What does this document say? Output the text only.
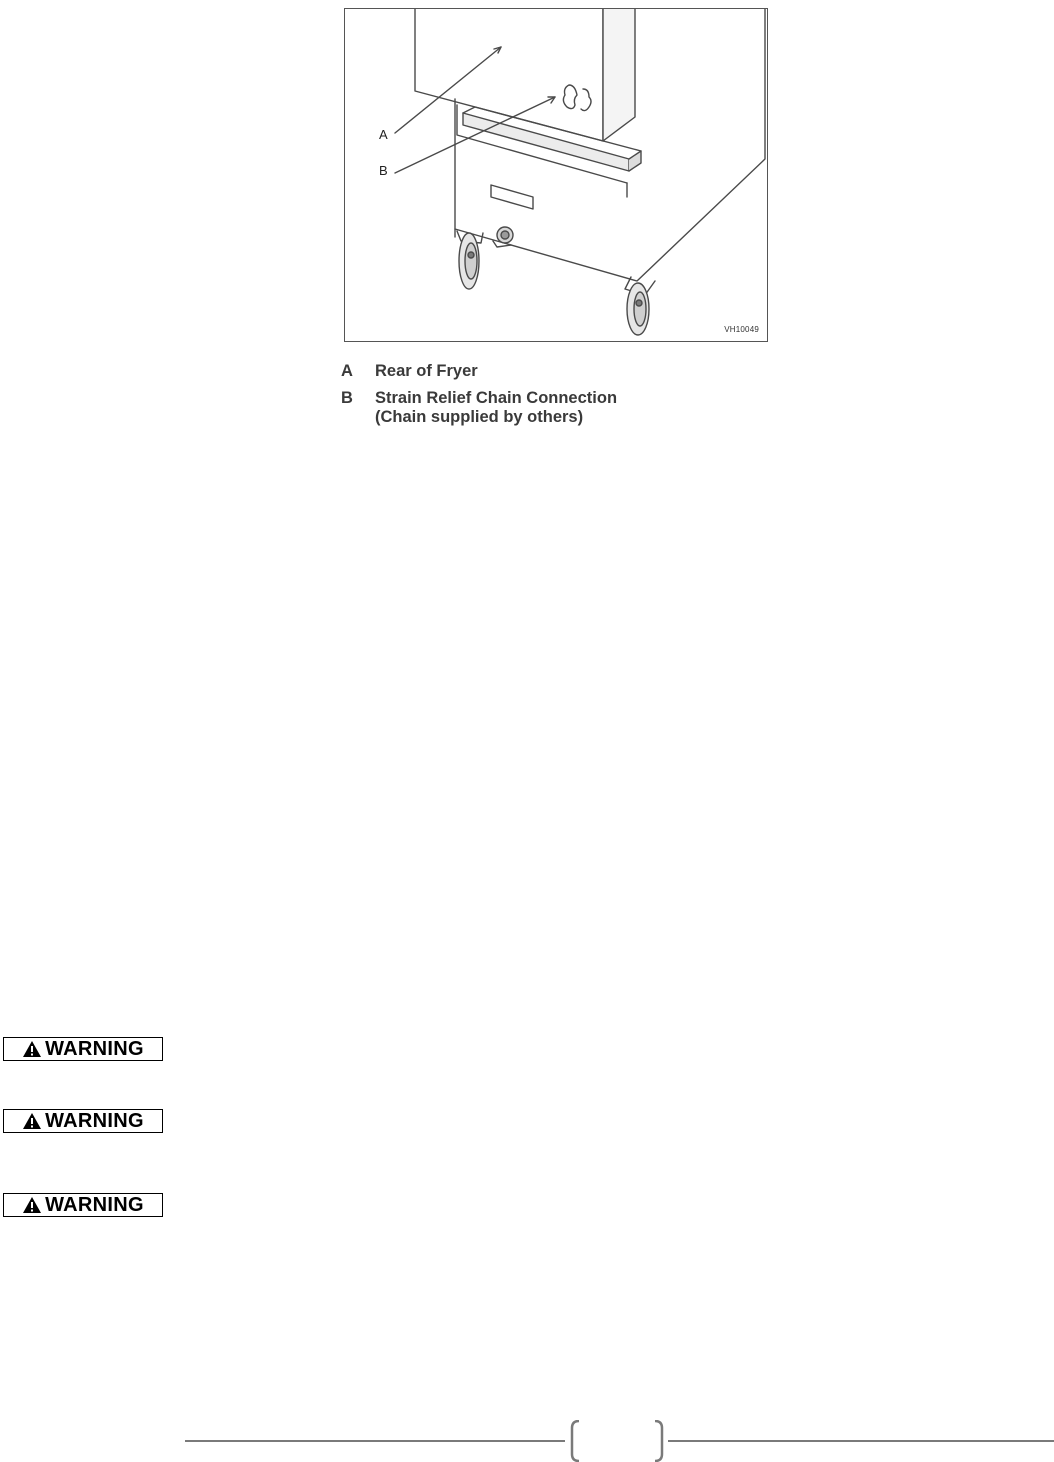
A
B
VH10049
A	Rear of Fryer
B	Strain Relief Chain Connection
(Chain supplied by others)
WARNING
WARNING
WARNING
